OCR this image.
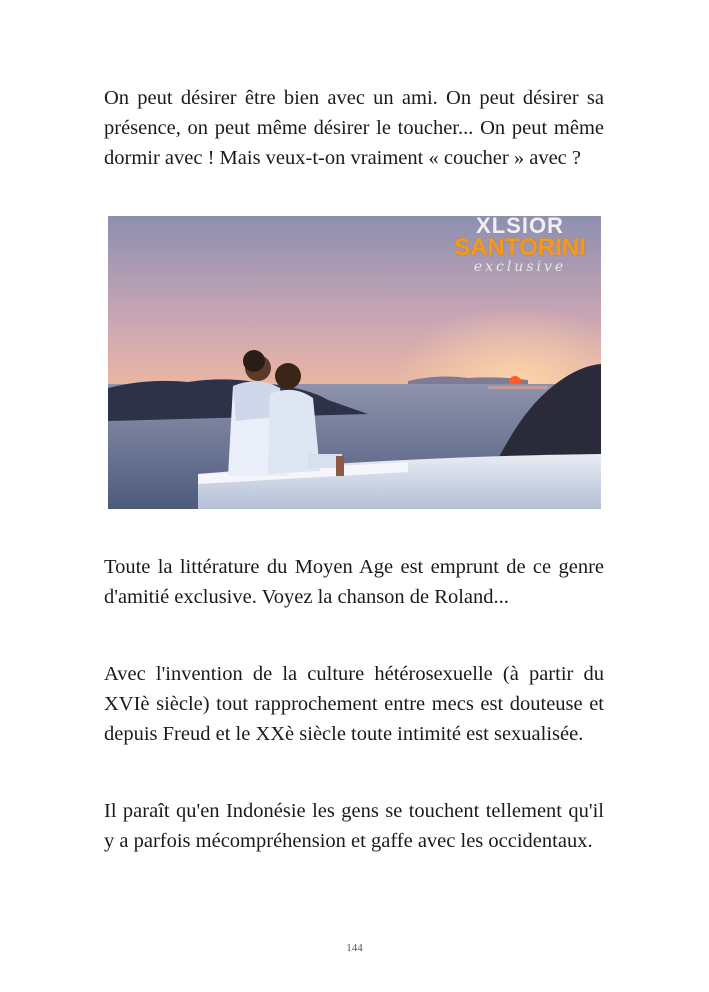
On peut désirer être bien avec un ami. On peut désirer sa présence, on peut même désirer le toucher... On peut même dormir avec ! Mais veux-t-on vraiment « coucher » avec ?

XLSIOR
SANTORINI
exclusive

Toute la littérature du Moyen Age est emprunt de ce genre d'amitié exclusive. Voyez la chanson de Roland...

Avec l'invention de la culture hétérosexuelle (à partir du XVIè siècle) tout rapprochement entre mecs est douteuse et depuis Freud et le XXè siècle toute intimité est sexualisée.

Il paraît qu'en Indonésie les gens se touchent tellement qu'il y a parfois mécompréhension et gaffe avec les occidentaux.

144
